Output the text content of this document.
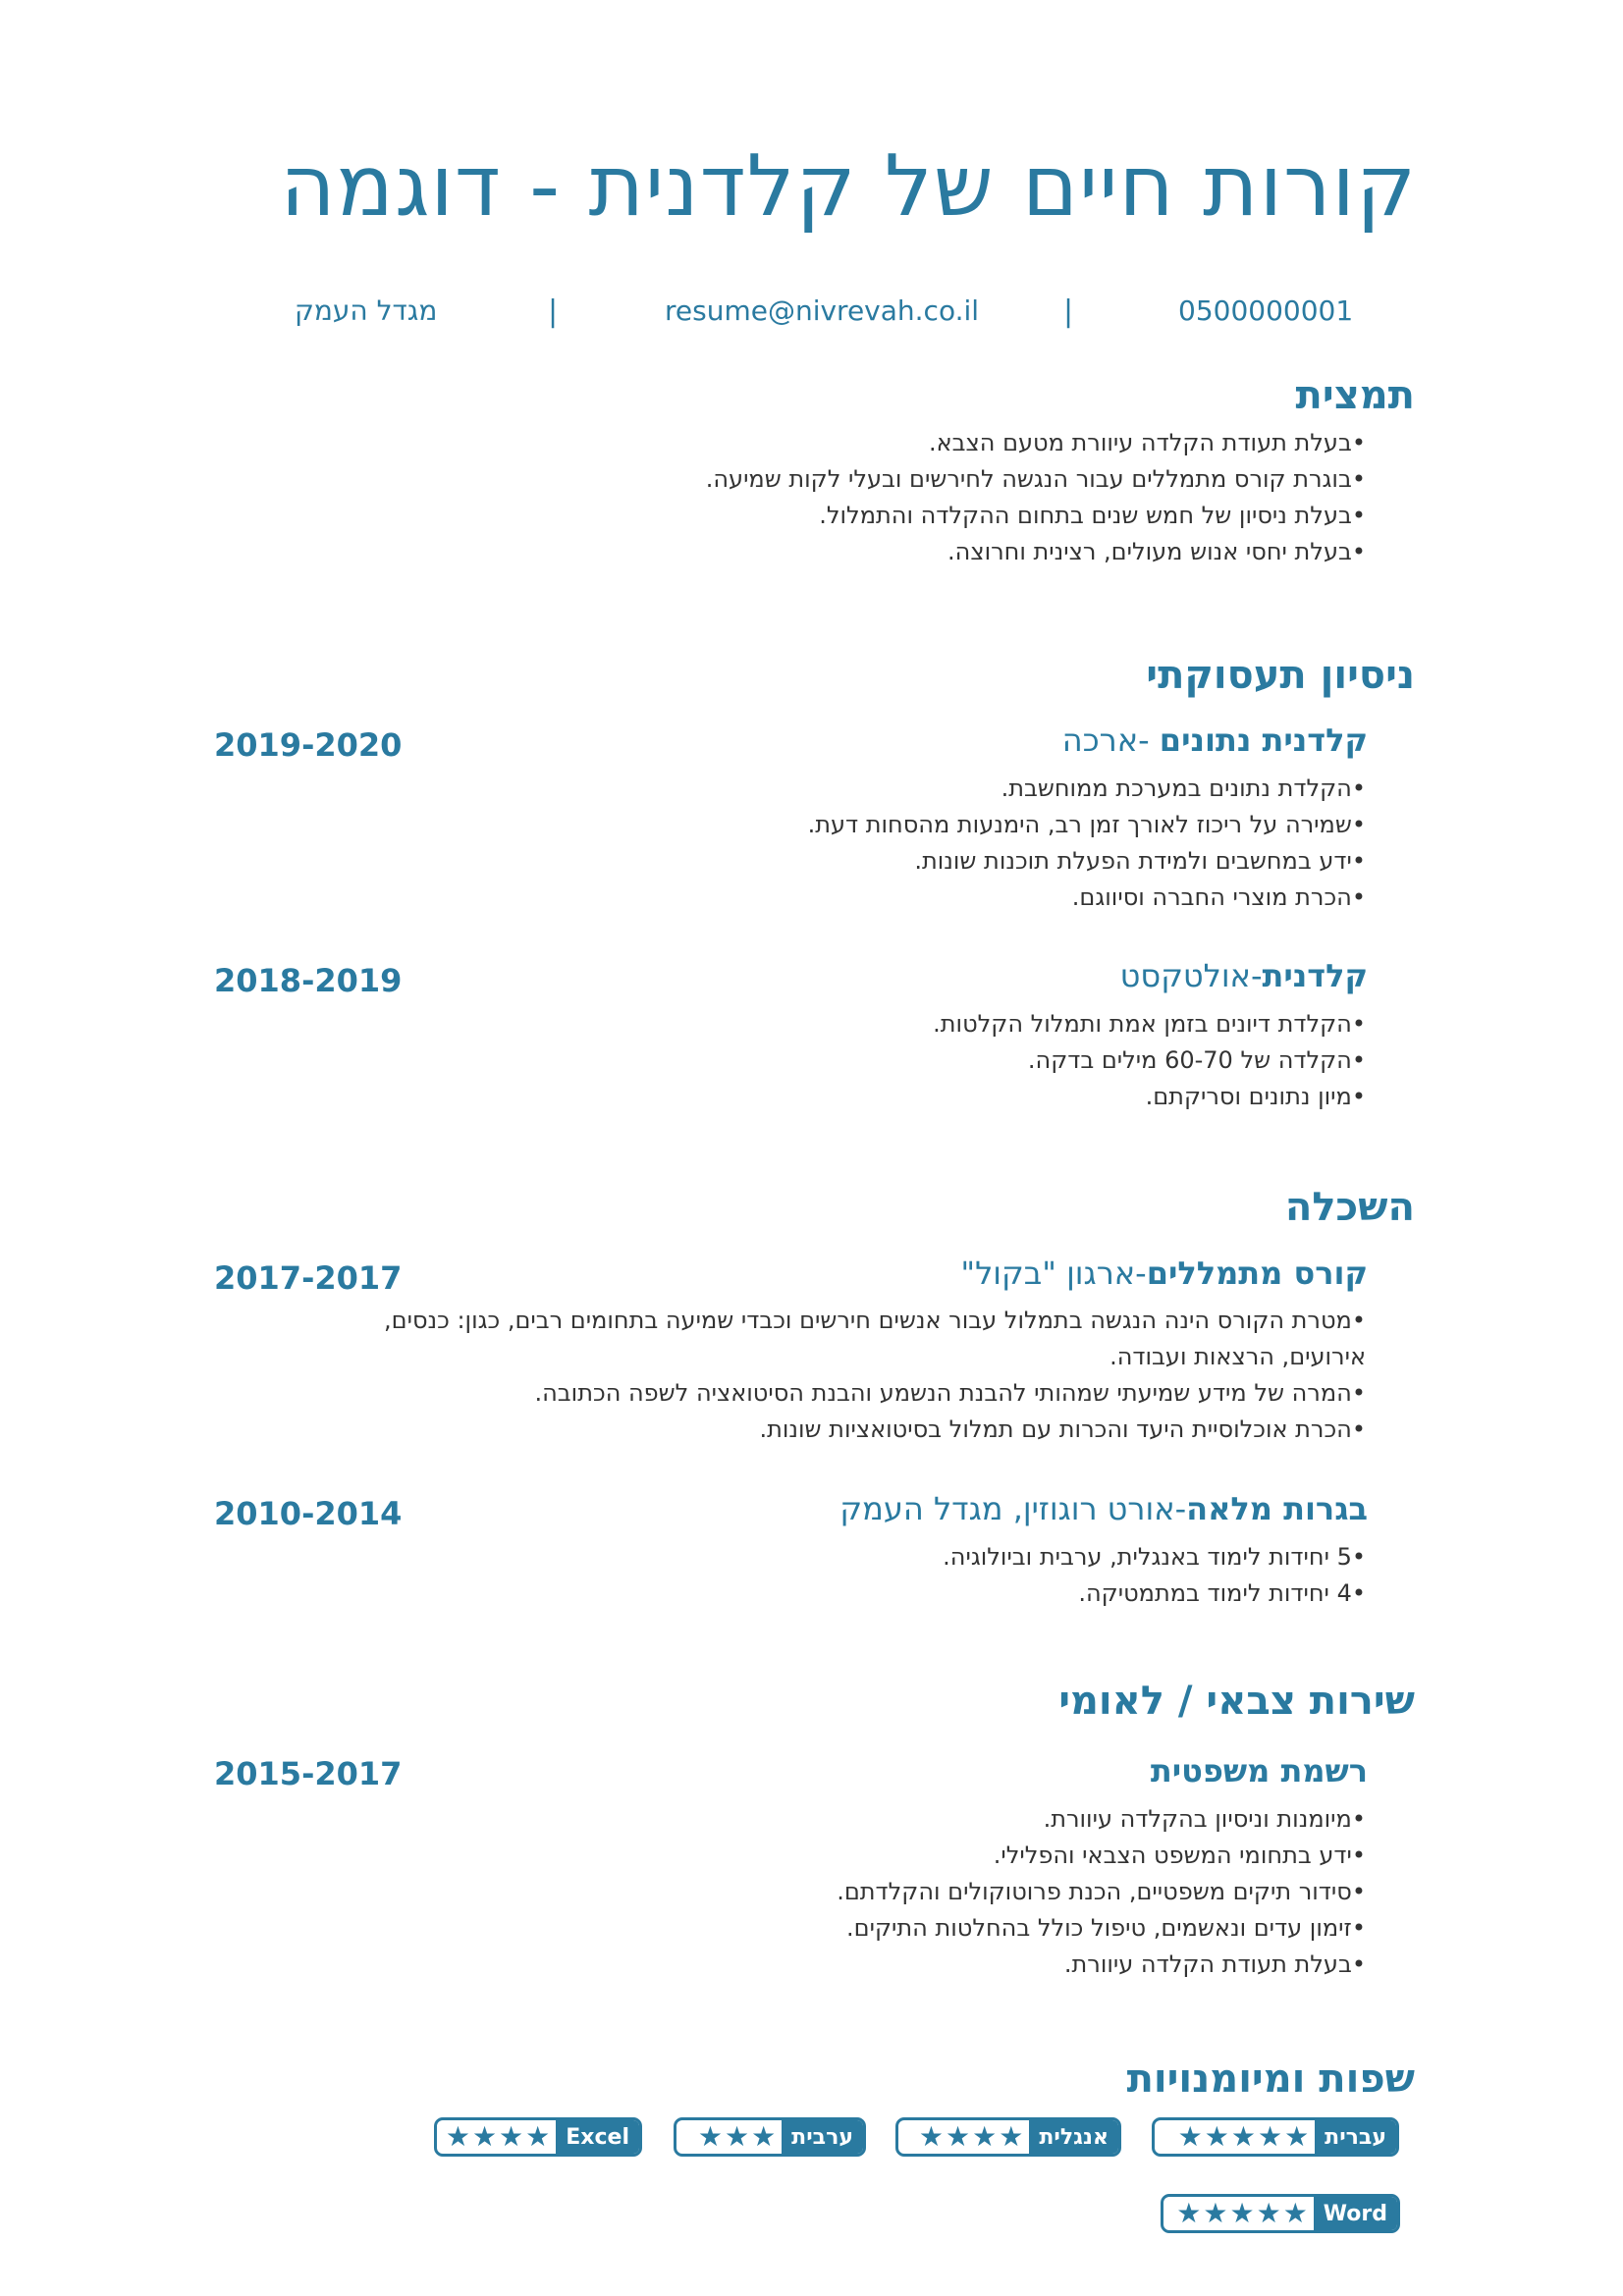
קורות חיים של קלדנית - דוגמה
0500000001
|
resume@nivrevah.co.il
|
מגדל העמק
תמצית
• בעלת תעודת הקלדה עיוורת מטעם הצבא.
• בוגרת קורס מתמללים עבור הנגשה לחירשים ובעלי לקות שמיעה.
• בעלת ניסיון של חמש שנים בתחום ההקלדה והתמלול.
• בעלת יחסי אנוש מעולים, רצינית וחרוצה.
ניסיון תעסוקתי
קלדנית נתונים -ארכה
2019-2020
• הקלדת נתונים במערכת ממוחשבת.
• שמירה על ריכוז לאורך זמן רב, הימנעות מהסחות דעת.
• ידע במחשבים ולמידת הפעלת תוכנות שונות.
• הכרת מוצרי החברה וסיווגם.
קלדנית-אולטקסט
2018-2019
• הקלדת דיונים בזמן אמת ותמלול הקלטות.
• הקלדה של 60-70 מילים בדקה.
• מיון נתונים וסריקתם.
השכלה
קורס מתמללים-ארגון "בקול"
2017-2017
• מטרת הקורס הינה הנגשה בתמלול עבור אנשים חירשים וכבדי שמיעה בתחומים רבים, כגון: כנסים, אירועים, הרצאות ועבודה.
• המרה של מידע שמיעתי שמהותי להבנת הנשמע והבנת הסיטואציה לשפה הכתובה.
• הכרת אוכלוסיית היעד והכרות עם תמלול בסיטואציות שונות.
בגרות מלאה-אורט רוגוזין, מגדל העמק
2010-2014
• 5 יחידות לימוד באנגלית, ערבית וביולוגיה.
• 4 יחידות לימוד במתמטיקה.
שירות צבאי / לאומי
רשמת משפטית
2015-2017
• מיומנות וניסיון בהקלדה עיוורת.
• ידע בתחומי המשפט הצבאי והפלילי.
• סידור תיקים משפטיים, הכנת פרוטוקולים והקלדתם.
• זימון עדים ונאשמים, טיפול כולל בהחלטות התיקים.
• בעלת תעודת הקלדה עיוורת.
שפות ומיומנויות
עברית
★ ★ ★ ★ ★
אנגלית
★ ★ ★ ★
ערבית
★ ★ ★
Excel
★ ★ ★ ★
Word
★ ★ ★ ★ ★
